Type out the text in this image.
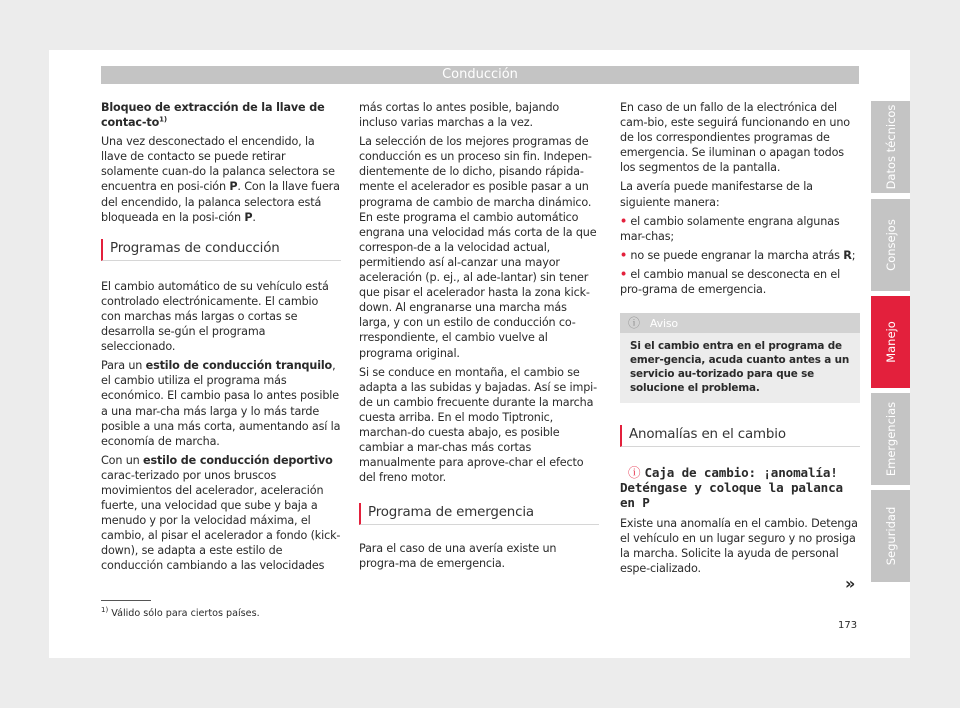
Conducción

Bloqueo de extracción de la llave de contac-$to^{1)}$

Una vez desconectado el encendido, la llave de contacto se puede retirar solamente cuan-do la palanca selectora se encuentra en posi-ción P. Con la llave fuera del encendido, la palanca selectora está bloqueada en la posi-ción P.

Programas de conducción

El cambio automático de su vehículo está controlado electrónicamente. El cambio con marchas más largas o cortas se desarrolla se-gún el programa seleccionado.

Para un estilo de conducción tranquilo, el cambio utiliza el programa más económico. El cambio pasa lo antes posible a una mar-cha más larga y lo más tarde posible a una más corta, aumentando así la economía de marcha.

Con un estilo de conducción deportivo carac-terizado por unos bruscos movimientos del acelerador, aceleración fuerte, una velocidad que sube y baja a menudo y por la velocidad máxima, el cambio, al pisar el acelerador a fondo (kick-down), se adapta a este estilo de conducción cambiando a las velocidades

más cortas lo antes posible, bajando incluso varias marchas a la vez.

La selección de los mejores programas de conducción es un proceso sin fin. Indepen-dientemente de lo dicho, pisando rápida-mente el acelerador es posible pasar a un programa de cambio de marcha dinámico. En este programa el cambio automático engrana una velocidad más corta de la que correspon-de a la velocidad actual, permitiendo así al-canzar una mayor aceleración (p. ej., al ade-lantar) sin tener que pisar el acelerador hasta la zona kick-down. Al engranarse una marcha más larga, y con un estilo de conducción co-rrespondiente, el cambio vuelve al programa original.

Si se conduce en montaña, el cambio se adapta a las subidas y bajadas. Así se impi-de un cambio frecuente durante la marcha cuesta arriba. En el modo Tiptronic, marchan-do cuesta abajo, es posible cambiar a mar-chas más cortas manualmente para aprove-char el efecto del freno motor.

Programa de emergencia

Para el caso de una avería existe un progra-ma de emergencia.

En caso de un fallo de la electrónica del cam-bio, este seguirá funcionando en uno de los correspondientes programas de emergencia. Se iluminan o apagan todos los segmentos de la pantalla.

La avería puede manifestarse de la siguiente manera:

• el cambio solamente engrana algunas mar-chas;

• no se puede engranar la marcha atrás R;

• el cambio manual se desconecta en el pro-grama de emergencia.

ⓘ Aviso
Si el cambio entra en el programa de emer-gencia, acuda cuanto antes a un servicio au-torizado para que se solucione el problema.
Anomalías en el cambio
ⓘ Caja de cambio: ¡anomalía!
Deténgase y coloque la palanca
en P

Existe una anomalía en el cambio. Detenga el vehículo en un lugar seguro y no prosiga la marcha. Solicite la ayuda de personal espe-cializado.

»
$^{1)}$ Válido sólo para ciertos países.
173
Datos técnicos
Consejos
Manejo
Emergencias
Seguridad
